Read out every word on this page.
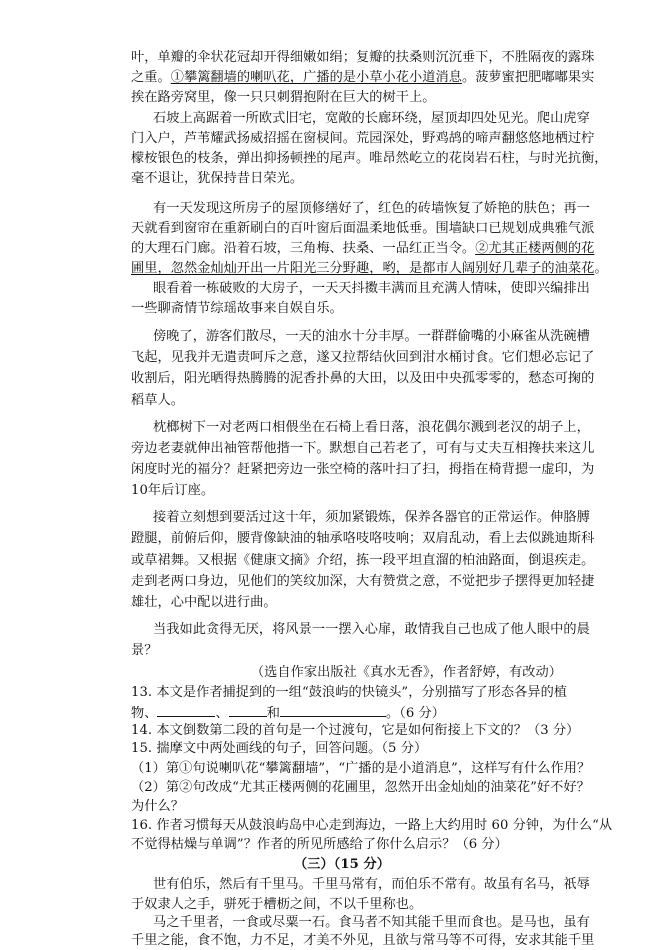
叶，单瓣的伞状花冠却开得细嫩如绢；复瓣的扶桑则沉沉垂下，不胜隔夜的露珠
之重。①攀篱翻墙的喇叭花，广播的是小草小花小道消息。菠萝蜜把肥嘟嘟果实
挨在路旁窝里，像一只只刺猬抱附在巨大的树干上。
石坡上高踞着一所欧式旧宅，宽敞的长廊环绕，屋顶却四处见光。爬山虎穿
门入户，芦苇耀武扬威招摇在窗棂间。荒园深处，野鸡鸪的啼声翻悠悠地栖过柠
檬桉银色的枝条，弹出抑扬顿挫的尾声。唯昂然屹立的花岗岩石柱，与时光抗衡，
毫不退让，犹保持昔日荣光。
有一天发现这所房子的屋顶修缮好了，红色的砖墙恢复了娇艳的肤色；再一
天就看到窗帘在重新刷白的百叶窗后面温柔地低垂。围墙缺口已规划成典雅气派
的大理石门廊。沿着石坡，三角梅、扶桑、一品红正当令。②尤其正楼两侧的花
圃里，忽然金灿灿开出一片阳光三分野趣，哟，是都市人阔别好几辈子的油菜花。
眼看着一栋破败的大房子，一天天抖擞丰满而且充满人情味，使即兴编排出
一些聊斋情节综瑶故事来自娱自乐。
傍晚了，游客们散尽，一天的油水十分丰厚。一群群偷嘴的小麻雀从洗碗槽
飞起，见我并无遣责呵斥之意，遂又拉帮结伙回到泔水桶讨食。它们想必忘记了
收割后，阳光晒得热腾腾的泥香扑鼻的大田，以及田中央孤零零的，愁态可掬的
稻草人。
枕榔树下一对老两口相偎坐在石椅上看日落，浪花偶尔溅到老汉的胡子上，
旁边老妻就伸出袖管帮他揩一下。默想自己若老了，可有与丈夫互相搀扶来这儿
闲度时光的福分？赶紧把旁边一张空椅的落叶扫了扫，拇指在椅背摁一虚印，为
10年后订座。
接着立刻想到要活过这十年，须加紧锻炼，保养各器官的正常运作。伸胳膊
蹬腿，前俯后仰，腰背像缺油的轴承咯吱咯吱响；双肩乱动，看上去似跳迪斯科
或草裙舞。又根据《健康文摘》介绍，拣一段平坦直溜的柏油路面，倒退疾走。
走到老两口身边，见他们的笑纹加深，大有赞赏之意，不觉把步子摆得更加轻捷
雄壮，心中配以进行曲。
当我如此贪得无厌，将风景一一摆入心扉，敢情我自己也成了他人眼中的晨
景？
（选自作家出版社《真水无香》，作者舒婷，有改动）
13. 本文是作者捕捉到的一组“鼓浪屿的快镜头”，分别描写了形态各异的植
物、	、	和	。（6 分）
14. 本文倒数第二段的首句是一个过渡句，它是如何衔接上下文的？（3 分）
15. 揣摩文中两处画线的句子，回答问题。（5 分）
（1）第①句说喇叭花“攀篱翻墙”，“广播的是小道消息”，这样写有什么作用？
（2）第②句改成“尤其正楼两侧的花圃里，忽然开出金灿灿的油菜花”好不好？
为什么？
16. 作者习惯每天从鼓浪屿岛中心走到海边，一路上大约用时 60 分钟，为什么“从
不觉得枯燥与单调”？作者的所见所感给了你什么启示？（6 分）
（三）（15 分）
世有伯乐，然后有千里马。千里马常有，而伯乐不常有。故虽有名马，祇辱
于奴隶人之手，骈死于槽枥之间，不以千里称也。
马之千里者，一食或尽粟一石。食马者不知其能千里而食也。是马也，虽有
千里之能，食不饱，力不足，才美不外见，且欲与常马等不可得，安求其能千里
